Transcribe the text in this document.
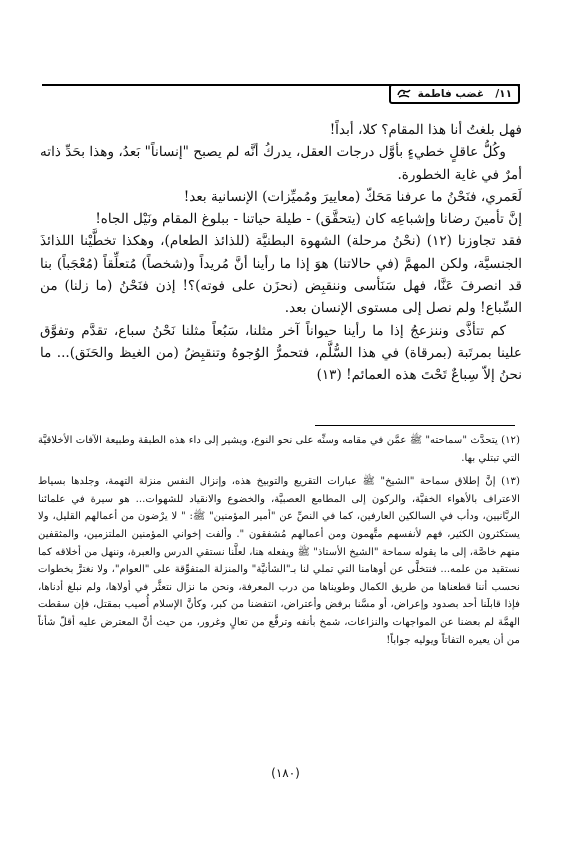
١١/  غضب فاطمة

فهل بلغتُ أنا هذا المقام؟ كلا، أبداً!

وكُلُّ عاقلٍ خطيءٍ بأوَّل درجات العقل، يدركُ أنَّه لم يصبح "إنساناً" بَعدُ، وهذا بحَدِّ ذاته أمرٌ في غاية الخطورة.

لَعَمري، فنَحْنُ ما عرفنا مَحَكّ (معاييرَ ومُميِّزات) الإنسانية بعد!

إنَّ تأمينَ رضانا وإشباعِه كان (يتحقَّق) - طيلة حياتنا - ببلوغ المقام ونَيْل الجاه!

فقد تجاوزنا (١٢) (نحْنُ مرحلة) الشهوة البطنيَّة (للذائذ الطعام)، وهكذا تخطَّيْنا اللذائذَ الجنسيَّة، ولكن المهمَّ (في حالاتنا) هوَ إذا ما رأينا أنَّ مُريداً و(شخصاً) مُتعلِّقاً (مُعْجَباً) بنا قد انصرفَ عَنَّا، فهل سَنَأسى وننقبِض (نحزَن على فوته)؟! إذن فنَحْنُ (ما زلنا) من السِّباع! ولم نصل إلى مستوى الإنسان بعد.

كم تتأذَّى وننزعجُ إذا ما رأينا حيواناً آخر مثلنا، سَبُعاً مثلنا نَحْنُ سباع، تقدَّم وتفوَّق علينا بمرتَبة (بمرقاة) في هذا السُّلَّم، فتحمرُّ الوُجوهُ وتنقبِضُ (من الغيظ والحَنَق)... ما نحنُ إلاّ سِباعٌ تَحْتَ هذه العمائم! (١٣)

(١٢) يتحدَّث "سماحته" ﷺ عمَّن في مقامه وسنِّه على نحو النوع، ويشير إلى داء هذه الطبقة وطبيعة الآفات الأخلاقيَّة التي تبتلي بها.

(١٣) إنَّ إطلاق سماحة "الشيخ" ﷺ عبارات التقريع والتوبيخ هذه، وإنزال النفس منزلة التهمة، وجلدها بسياط الاعتراف بالأهواء الخفيَّة، والركون إلى المطامع العصبيَّة، والخضوع والانقياد للشهوات... هو سيرة في علمائنا الربَّانيين، ودأب في السالكين العارفين، كما في النصِّ عن "أمير المؤمنين" ﷺ: " لا يرْضون من أعمالهم القليل، ولا يستكثرون الكثير، فهم لأنفسهم متَّهمون ومن أعمالهم مُشفقون ". وألفت إخواني المؤمنين الملتزمين، والمثقفين منهم خاصَّة، إلى ما يقوله سماحة "الشيخ الأستاذ" ﷺ ويفعله هنا، لعلَّنا نستقي الدرس والعبرة، وننهل من أخلاقه كما نستقيد من علمه... فنتخلَّى عن أوهامنا التي تملي لنا بـ"الشأنيَّة" والمنزلة المتفوِّقة على "العوام"، ولا نغترَّ بخطوات نحسب أننا قطعناها من طريق الكمال وطويناها من درب المعرفة، ونحن ما نزال نتعثَّر في أولاها، ولم نبلغ أدناها، فإذا قابلَنا أحد بصدود وإعراض، أو مسَّنا برفض وأعتراض، انتفضنا من كبر، وكأنَّ الإسلام أُصيب بمقتل، فإن سقطت الهمَّة لم بعضنا عن المواجهات والنزاعات، شمخ بأنفه وترفَّع من تعالٍ وغرور، من حيث أنَّ المعترض عليه أقلّ شأناً من أن يعيره التفاتاً ويوليه جواباً!

(١٨٠)
